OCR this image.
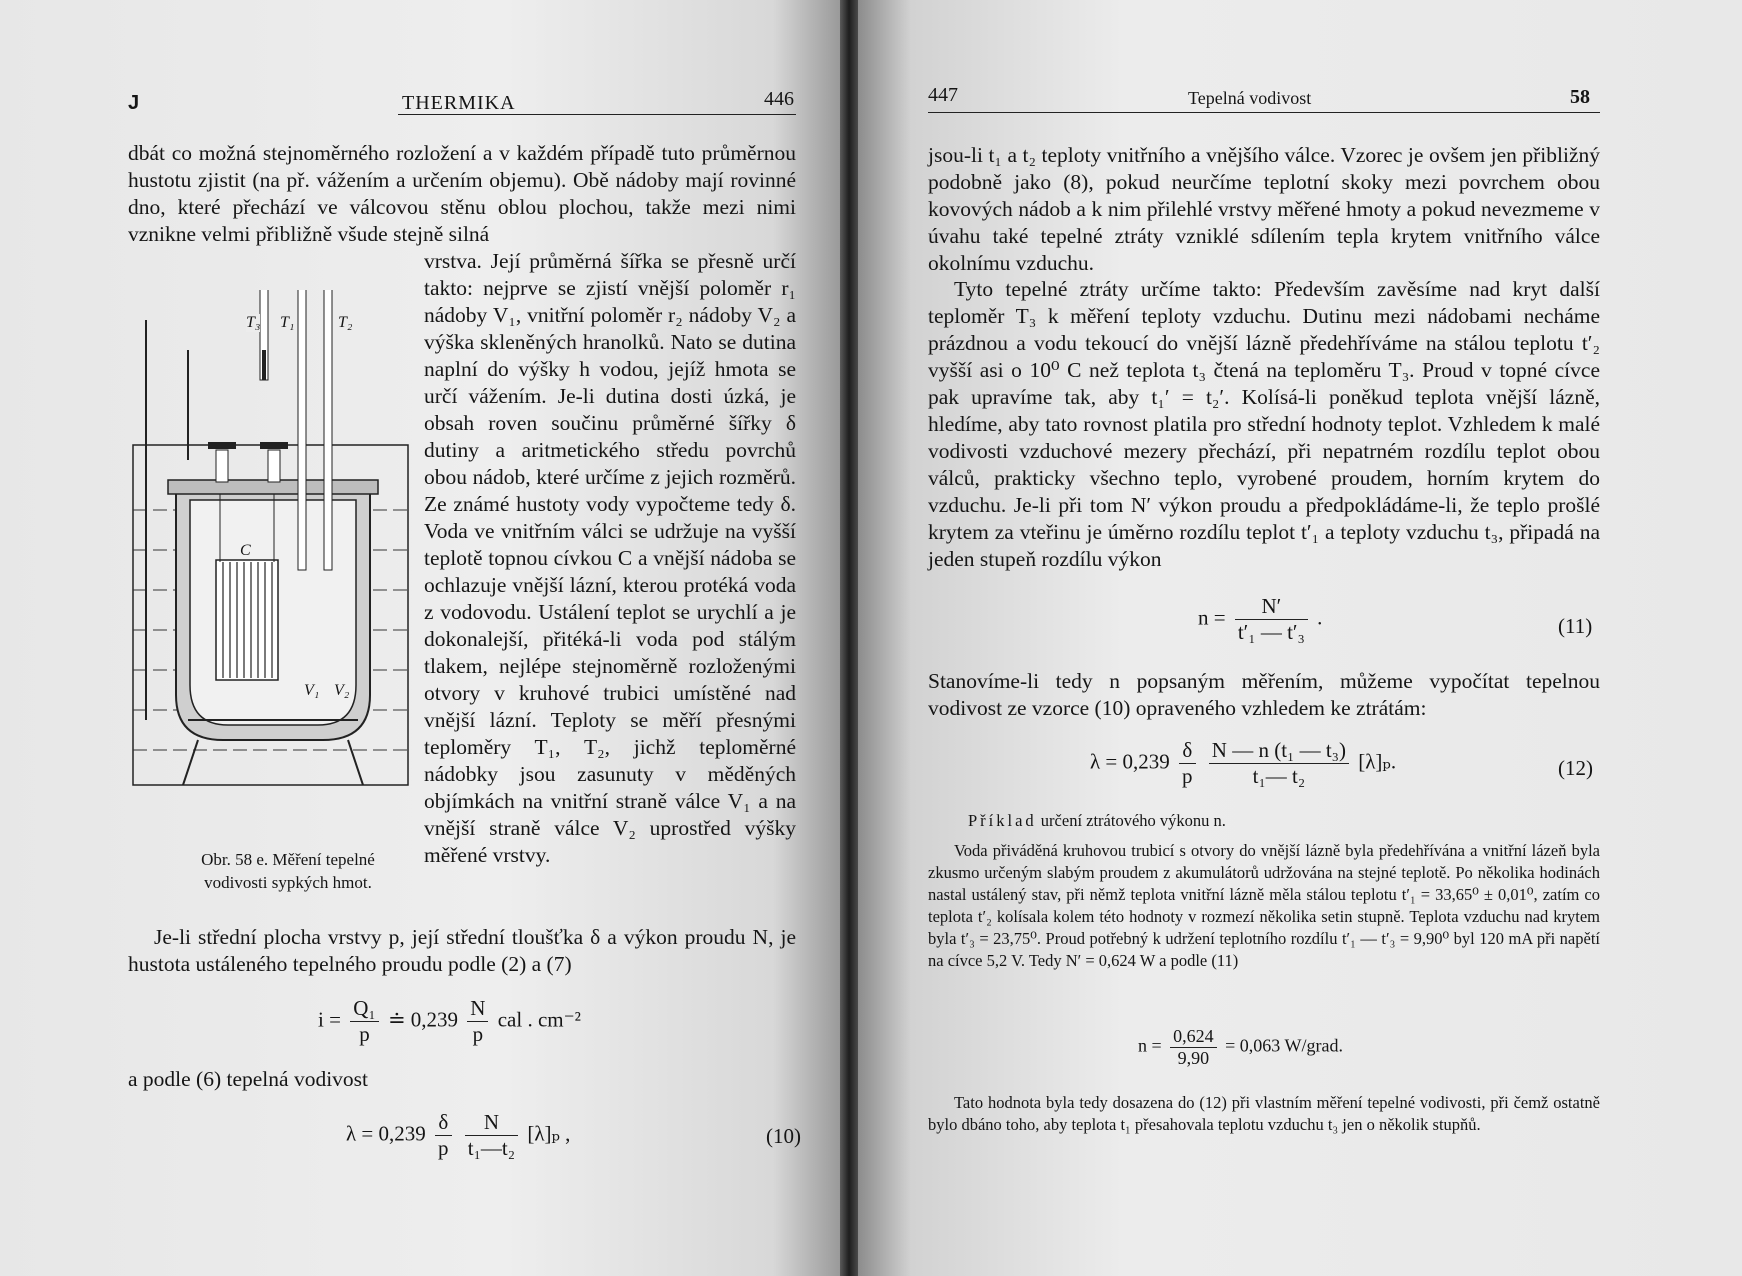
J	THERMIKA	446
dbát co možná stejnoměrného rozložení a v každém případě tuto průměrnou hustotu zjistit (na př. vážením a určením objemu). Obě nádoby mají rovinné dno, které přechází ve válcovou stěnu oblou plochou, takže mezi nimi vznikne velmi přibližně všude stejně silná
vrstva. Její průměrná šířka se přesně určí takto: nejprve se zjistí vnější poloměr r₁ nádoby V₁, vnitřní poloměr r₂ nádoby V₂ a výška skleněných hranolků. Nato se dutina naplní do výšky h vodou, jejíž hmota se určí vážením. Je-li dutina dosti úzká, je obsah roven součinu průměrné šířky δ dutiny a aritmetického středu povrchů obou nádob, které určíme z jejich rozměrů. Ze známé hustoty vody vypočteme tedy δ. Voda ve vnitřním válci se udržuje na vyšší teplotě topnou cívkou C a vnější nádoba se ochlazuje vnější lázní, kterou protéká voda z vodovodu. Ustálení teplot se urychlí a je dokonalejší, přitéká-li voda pod stálým tlakem, nejlépe stejnoměrně rozloženými otvory v kruhové trubici umístěné nad vnější lázní. Teploty se měří přesnými teploměry T₁, T₂, jichž teploměrné nádobky jsou zasunuty v měděných objímkách na vnitřní straně válce V₁ a na vnější straně válce V₂ uprostřed výšky měřené vrstvy.
T₃ T₁	T₂
C
V₁ V₂
Obr. 58 e. Měření tepelné vodivosti sypkých hmot.
Je-li střední plocha vrstvy p, její střední tloušťka δ a výkon proudu N, je hustota ustáleného tepelného proudu podle (2) a (7)
$i = \frac{\text{Q₁}}{p}$ ≐ $0,239 \frac{N}{p}$ cal . cm⁻²
a podle (6) tepelná vodivost
$\lambda = 0,239 \frac{\delta}{p}$
$\frac{N}{\text{t₁—t₂}} [\lambda]_p$ ,	(10)
447	Tepelná vodivost	58
jsou-li t₁ a t₂ teploty vnitřního a vnějšího válce. Vzorec je ovšem jen přibližný podobně jako (8), pokud neurčíme teplotní skoky mezi povrchem obou kovových nádob a k nim přilehlé vrstvy měřené hmoty a pokud nevezmeme v úvahu také tepelné ztráty vzniklé sdílením tepla krytem vnitřního válce okolnímu vzduchu.
Tyto tepelné ztráty určíme takto: Především zavěsíme nad kryt další teploměr T₃ k měření teploty vzduchu. Dutinu mezi nádobami necháme prázdnou a vodu tekoucí do vnější lázně předehříváme na stálou teplotu t′₂ vyšší asi o 10⁰ C než teplota t₃ čtená na teploměru T₃. Proud v topné cívce pak upravíme tak, aby t₁′ = t₂′. Kolísá-li poněkud teplota vnější lázně, hledíme, aby tato rovnost platila pro střední hodnoty teplot. Vzhledem k malé vodivosti vzduchové mezery přechází, při nepatrném rozdílu teplot obou válců, prakticky všechno teplo, vyrobené proudem, horním krytem do vzduchu. Je-li při tom N′ výkon proudu a předpokládáme-li, že teplo prošlé krytem za vteřinu je úměrno rozdílu teplot t′₁ a teploty vzduchu t₃, připadá na jeden stupeň rozdílu výkon
$n = \frac{N'}{\text{t′₁ — t′₃}}$ .	(11)
Stanovíme-li tedy n popsaným měřením, můžeme vypočítat tepelnou vodivost ze vzorce (10) opraveného vzhledem ke ztrátám:
$\lambda = 0,239 \frac{\delta}{p}$
$\frac{\text{N — n (t₁ — t₃)}}{\text{t₁— t₂}} [\lambda]_p$.	(12)
Příklad určení ztrátového výkonu n.
Voda přiváděná kruhovou trubicí s otvory do vnější lázně byla předehřívána a vnitřní lázeň byla zkusmo určeným slabým proudem z akumulátorů udržována na stejné teplotě. Po několika hodinách nastal ustálený stav, při němž teplota vnitřní lázně měla stálou teplotu t′₁ = 33,65⁰ ± 0,01⁰, zatím co teplota t′₂ kolísala kolem této hodnoty v rozmezí několika setin stupně. Teplota vzduchu nad krytem byla t′₃ = 23,75⁰. Proud potřebný k udržení teplotního rozdílu t′₁ — t′₃ = 9,90⁰ byl 120 mA při napětí na cívce 5,2 V. Tedy N′ = 0,624 W a podle (11)
$n = \frac{0,624}{9,90} = 0,063$ W/grad.
Tato hodnota byla tedy dosazena do (12) při vlastním měření tepelné vodivosti, při čemž ostatně bylo dbáno toho, aby teplota t₁ přesahovala teplotu vzduchu t₃ jen o několik stupňů.
